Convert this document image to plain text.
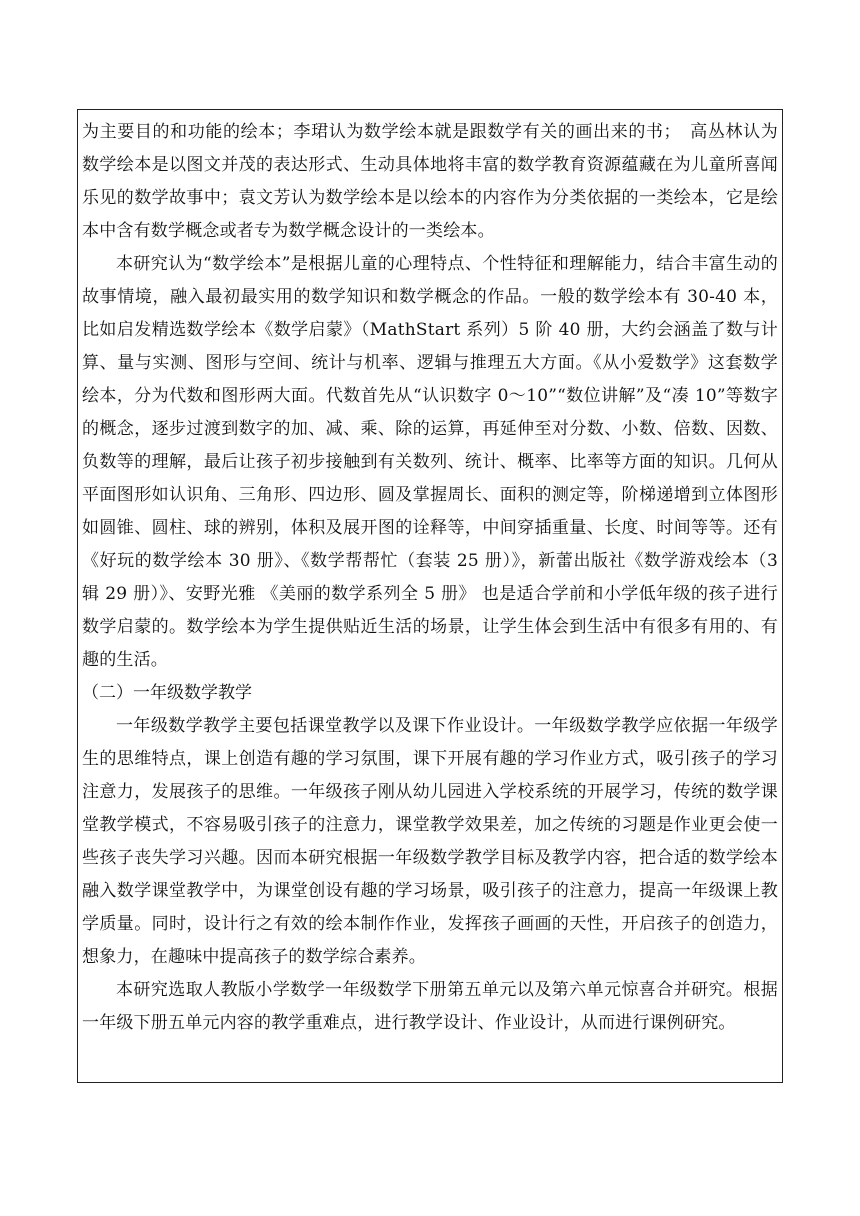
为主要目的和功能的绘本；李珺认为数学绘本就是跟数学有关的画出来的书；　高丛林认为数学绘本是以图文并茂的表达形式、生动具体地将丰富的数学教育资源蕴藏在为儿童所喜闻乐见的数学故事中；袁文芳认为数学绘本是以绘本的内容作为分类依据的一类绘本，它是绘本中含有数学概念或者专为数学概念设计的一类绘本。

本研究认为“数学绘本”是根据儿童的心理特点、个性特征和理解能力，结合丰富生动的故事情境，融入最初最实用的数学知识和数学概念的作品。一般的数学绘本有 30-40 本，比如启发精选数学绘本《数学启蒙》（MathStart 系列）5 阶 40 册，大约会涵盖了数与计算、量与实测、图形与空间、统计与机率、逻辑与推理五大方面。《从小爱数学》这套数学绘本，分为代数和图形两大面。代数首先从“认识数字 0～10”“数位讲解”及“凑 10”等数字的概念，逐步过渡到数字的加、减、乘、除的运算，再延伸至对分数、小数、倍数、因数、负数等的理解，最后让孩子初步接触到有关数列、统计、概率、比率等方面的知识。几何从平面图形如认识角、三角形、四边形、圆及掌握周长、面积的测定等，阶梯递增到立体图形如圆锥、圆柱、球的辨别，体积及展开图的诠释等，中间穿插重量、长度、时间等等。还有《好玩的数学绘本 30 册》、《数学帮帮忙（套装 25 册）》，新蕾出版社《数学游戏绘本（3 辑 29 册）》、安野光雅 《美丽的数学系列全 5 册》 也是适合学前和小学低年级的孩子进行数学启蒙的。数学绘本为学生提供贴近生活的场景，让学生体会到生活中有很多有用的、有趣的生活。

（二）一年级数学教学

一年级数学教学主要包括课堂教学以及课下作业设计。一年级数学教学应依据一年级学生的思维特点，课上创造有趣的学习氛围，课下开展有趣的学习作业方式，吸引孩子的学习注意力，发展孩子的思维。一年级孩子刚从幼儿园进入学校系统的开展学习，传统的数学课堂教学模式，不容易吸引孩子的注意力，课堂教学效果差，加之传统的习题是作业更会使一些孩子丧失学习兴趣。因而本研究根据一年级数学教学目标及教学内容，把合适的数学绘本融入数学课堂教学中，为课堂创设有趣的学习场景，吸引孩子的注意力，提高一年级课上教学质量。同时，设计行之有效的绘本制作作业，发挥孩子画画的天性，开启孩子的创造力，想象力，在趣味中提高孩子的数学综合素养。

本研究选取人教版小学数学一年级数学下册第五单元以及第六单元惊喜合并研究。根据一年级下册五单元内容的教学重难点，进行教学设计、作业设计，从而进行课例研究。
